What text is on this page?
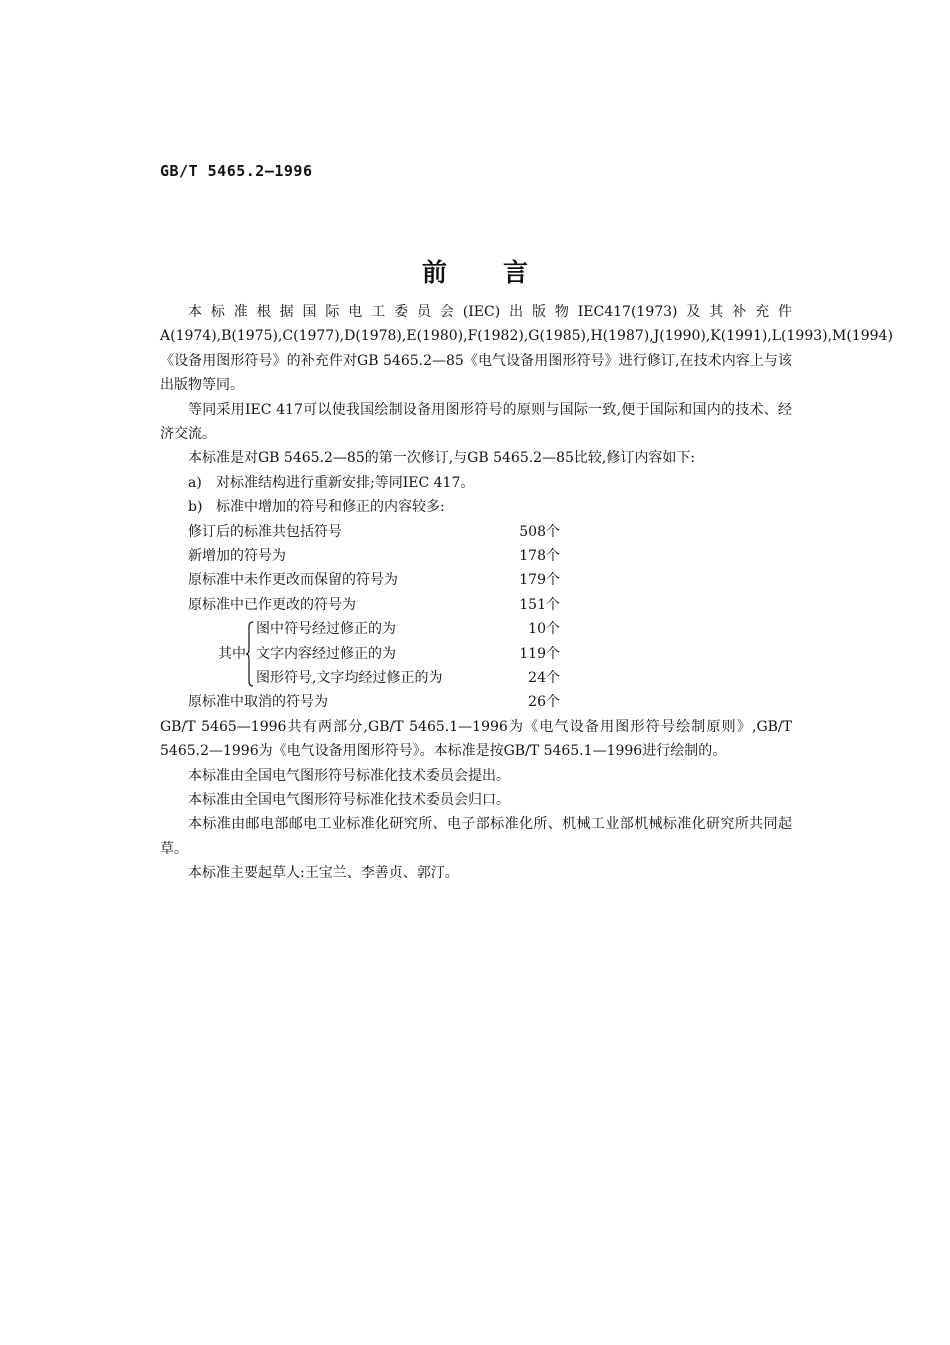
GB/T 5465.2—1996
前 言

本标准根据国际电工委员会(IEC)出版物IEC417(1973)及其补充件A(1974),B(1975),C(1977),D(1978),E(1980),F(1982),G(1985),H(1987),J(1990),K(1991),L(1993),M(1994)《设备用图形符号》的补充件对GB 5465.2—85《电气设备用图形符号》进行修订,在技术内容上与该出版物等同。

等同采用IEC 417可以使我国绘制设备用图形符号的原则与国际一致,便于国际和国内的技术、经济交流。

本标准是对GB 5465.2—85的第一次修订,与GB 5465.2—85比较,修订内容如下:

a) 对标准结构进行重新安排;等同IEC 417。
b) 标准中增加的符号和修正的内容较多:
修订后的标准共包括符号	508个
新增加的符号为	178个
原标准中未作更改而保留的符号为	179个
原标准中已作更改的符号为	151个
其中
图中符号经过修正的为	10个
文字内容经过修正的为	119个
图形符号,文字均经过修正的为	24个
原标准中取消的符号为	26个

GB/T 5465—1996共有两部分,GB/T 5465.1—1996为《电气设备用图形符号绘制原则》,GB/T 5465.2—1996为《电气设备用图形符号》。本标准是按GB/T 5465.1—1996进行绘制的。

本标准由全国电气图形符号标准化技术委员会提出。

本标准由全国电气图形符号标准化技术委员会归口。

本标准由邮电部邮电工业标准化研究所、电子部标准化所、机械工业部机械标准化研究所共同起草。

本标准主要起草人:王宝兰、李善贞、郭汀。
